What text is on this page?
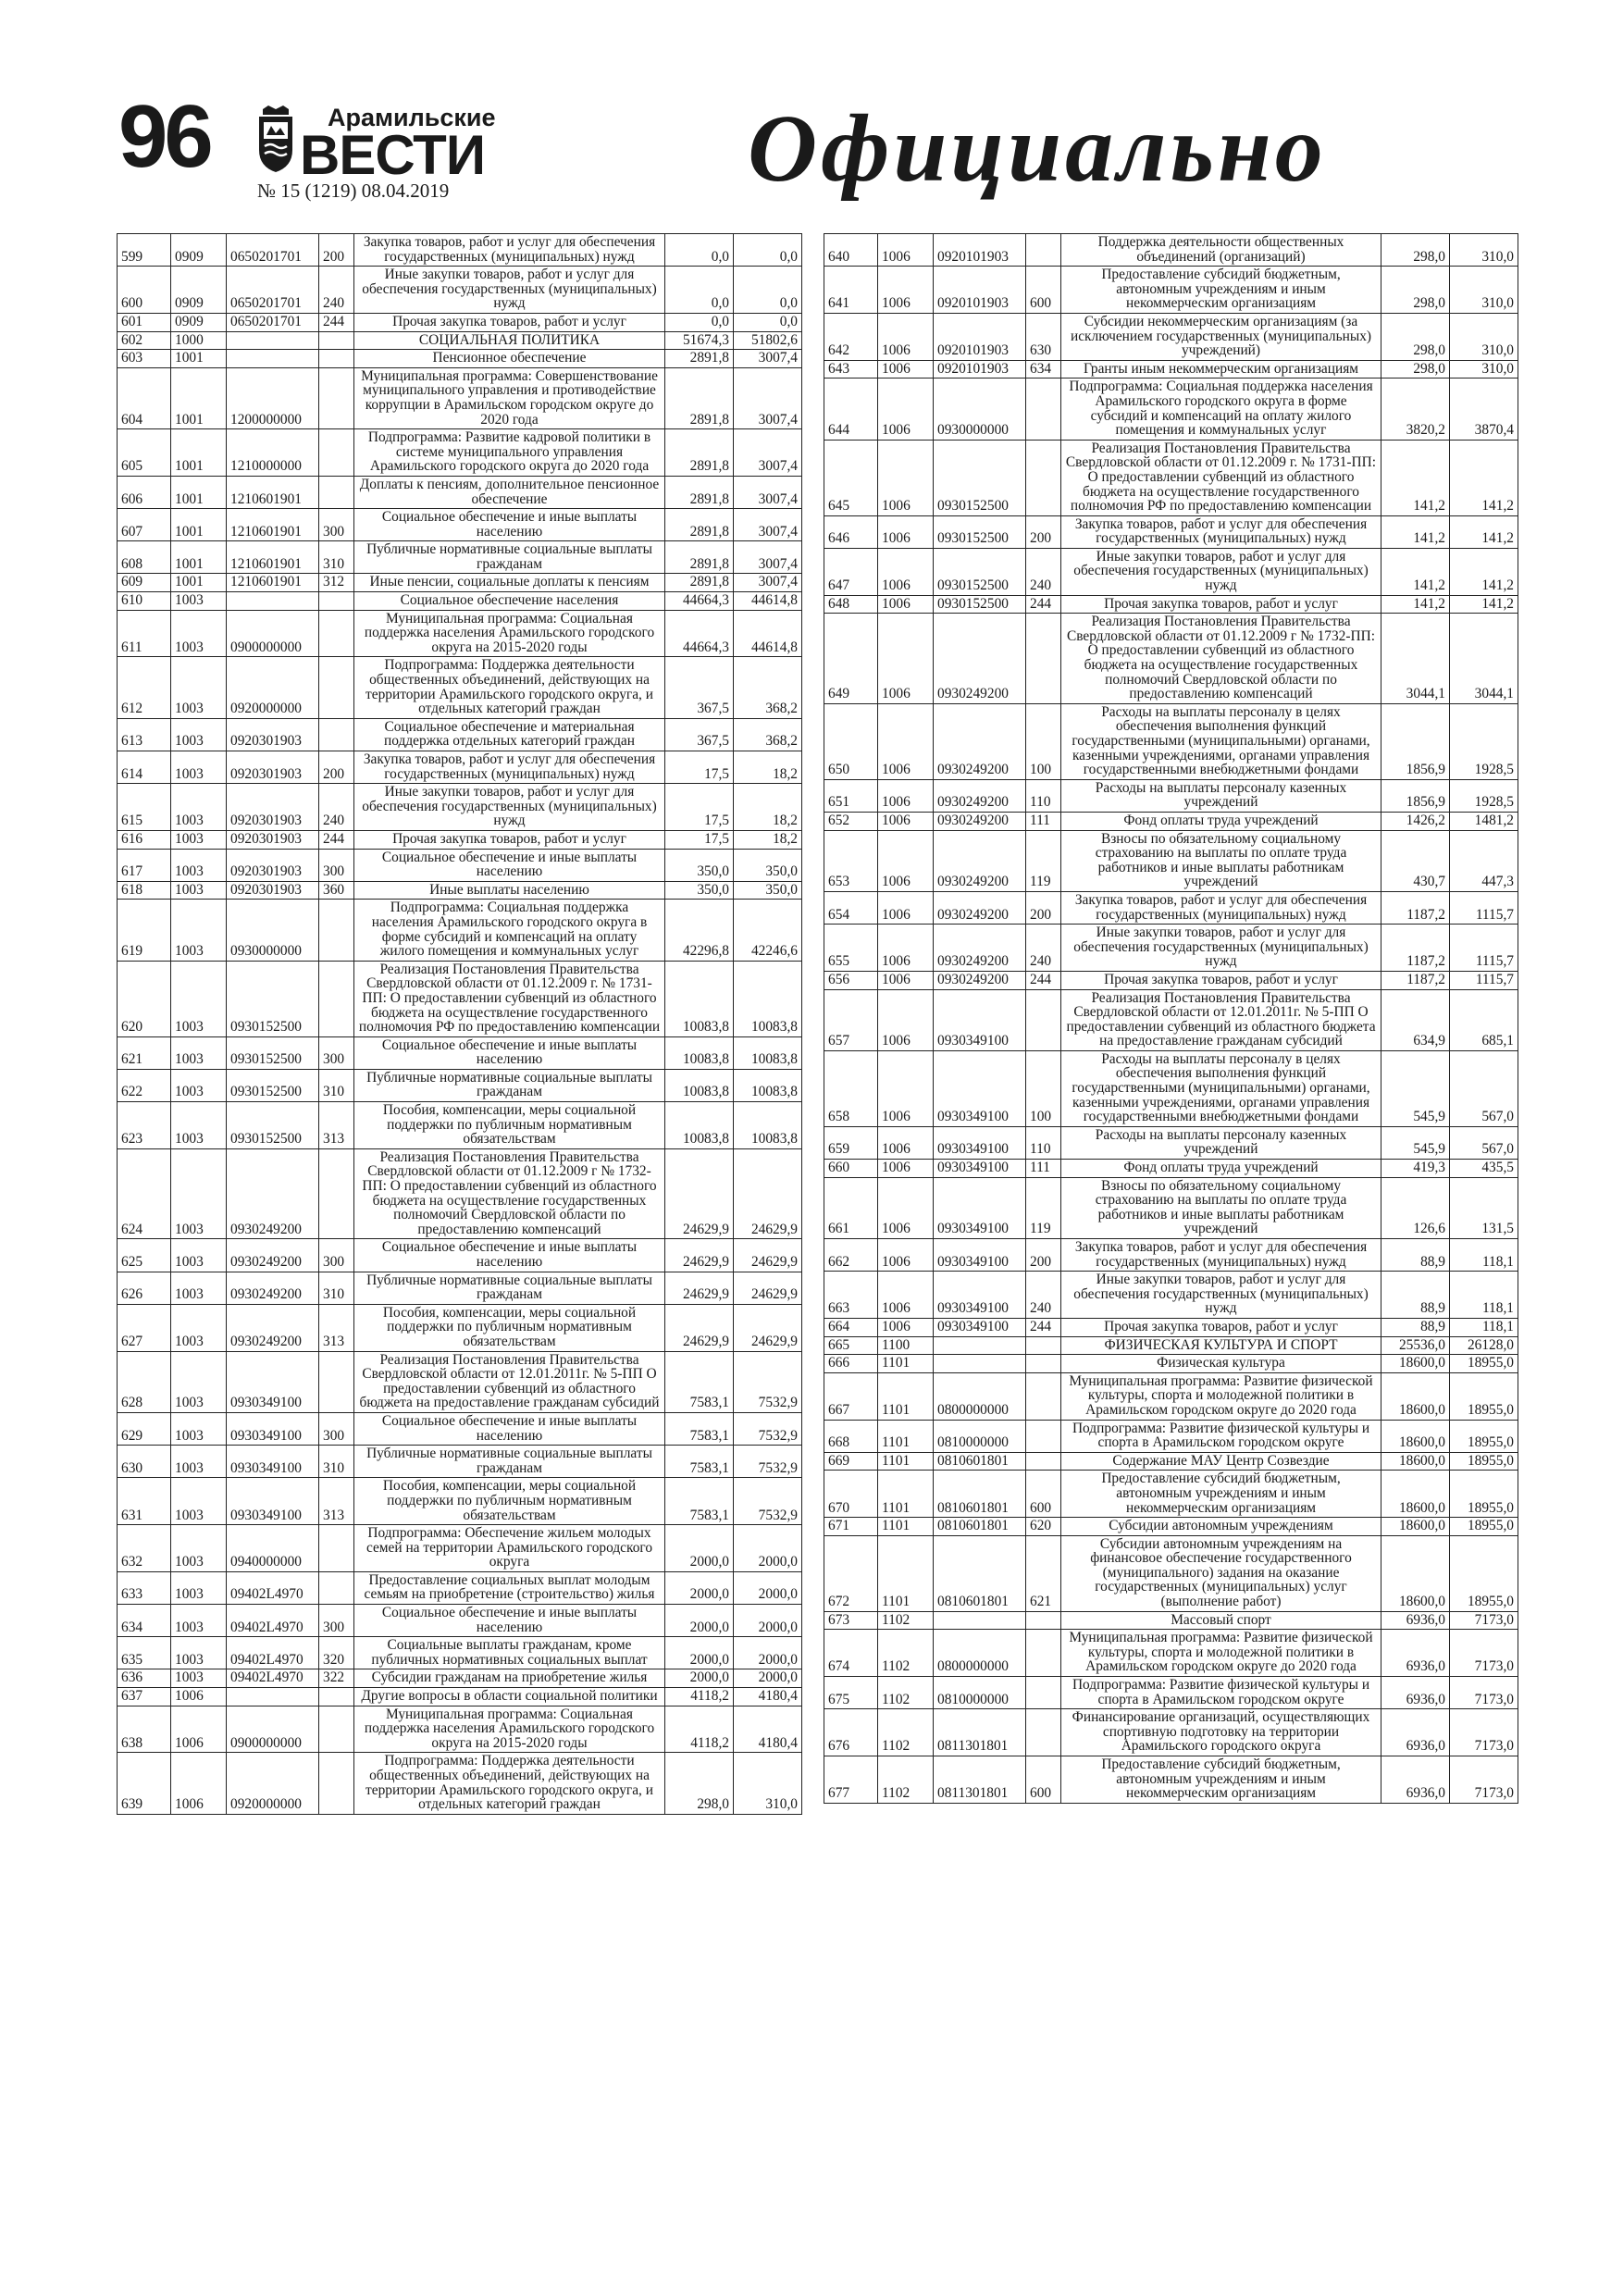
96	Арамильские
ВЕСТИ
№ 15 (1219) 08.04.2019	Официально
599	0909	0650201701	200	Закупка товаров, работ и услуг для обеспечения государственных (муниципальных) нужд	0,0	0,0
600	0909	0650201701	240	Иные закупки товаров, работ и услуг для обеспечения государственных (муниципальных) нужд	0,0	0,0
601	0909	0650201701	244	Прочая закупка товаров, работ и услуг	0,0	0,0
602	1000			СОЦИАЛЬНАЯ ПОЛИТИКА	51674,3	51802,6
603	1001			Пенсионное обеспечение	2891,8	3007,4
604	1001	1200000000		Муниципальная программа: Совершенствование муниципального управления и противодействие коррупции в Арамильском городском округе до 2020 года	2891,8	3007,4
605	1001	1210000000		Подпрограмма: Развитие кадровой политики в системе муниципального управления Арамильского городского округа до 2020 года	2891,8	3007,4
606	1001	1210601901		Доплаты к пенсиям, дополнительное пенсионное обеспечение	2891,8	3007,4
607	1001	1210601901	300	Социальное обеспечение и иные выплаты населению	2891,8	3007,4
608	1001	1210601901	310	Публичные нормативные социальные выплаты гражданам	2891,8	3007,4
609	1001	1210601901	312	Иные пенсии, социальные доплаты к пенсиям	2891,8	3007,4
610	1003			Социальное обеспечение населения	44664,3	44614,8
611	1003	0900000000		Муниципальная программа: Социальная поддержка населения Арамильского городского округа на 2015-2020 годы	44664,3	44614,8
612	1003	0920000000		Подпрограмма: Поддержка деятельности общественных объединений, действующих на территории Арамильского городского округа, и отдельных категорий граждан	367,5	368,2
613	1003	0920301903		Социальное обеспечение и материальная поддержка отдельных категорий граждан	367,5	368,2
614	1003	0920301903	200	Закупка товаров, работ и услуг для обеспечения государственных (муниципальных) нужд	17,5	18,2
615	1003	0920301903	240	Иные закупки товаров, работ и услуг для обеспечения государственных (муниципальных) нужд	17,5	18,2
616	1003	0920301903	244	Прочая закупка товаров, работ и услуг	17,5	18,2
617	1003	0920301903	300	Социальное обеспечение и иные выплаты населению	350,0	350,0
618	1003	0920301903	360	Иные выплаты населению	350,0	350,0
619	1003	0930000000		Подпрограмма: Социальная поддержка населения Арамильского городского округа в форме субсидий и компенсаций на оплату жилого помещения и коммунальных услуг	42296,8	42246,6
620	1003	0930152500		Реализация Постановления Правительства Свердловской области от 01.12.2009 г. № 1731-ПП: О предоставлении субвенций из областного бюджета на осуществление государственного полномочия РФ по предоставлению компенсации	10083,8	10083,8
621	1003	0930152500	300	Социальное обеспечение и иные выплаты населению	10083,8	10083,8
622	1003	0930152500	310	Публичные нормативные социальные выплаты гражданам	10083,8	10083,8
623	1003	0930152500	313	Пособия, компенсации, меры социальной поддержки по публичным нормативным обязательствам	10083,8	10083,8
624	1003	0930249200		Реализация Постановления Правительства Свердловской области от 01.12.2009 г № 1732-ПП: О предоставлении субвенций из областного бюджета на осуществление государственных полномочий Свердловской области по предоставлению компенсаций	24629,9	24629,9
625	1003	0930249200	300	Социальное обеспечение и иные выплаты населению	24629,9	24629,9
626	1003	0930249200	310	Публичные нормативные социальные выплаты гражданам	24629,9	24629,9
627	1003	0930249200	313	Пособия, компенсации, меры социальной поддержки по публичным нормативным обязательствам	24629,9	24629,9
628	1003	0930349100		Реализация Постановления Правительства Свердловской области от 12.01.2011г. № 5-ПП О предоставлении субвенций из областного бюджета на предоставление гражданам субсидий	7583,1	7532,9
629	1003	0930349100	300	Социальное обеспечение и иные выплаты населению	7583,1	7532,9
630	1003	0930349100	310	Публичные нормативные социальные выплаты гражданам	7583,1	7532,9
631	1003	0930349100	313	Пособия, компенсации, меры социальной поддержки по публичным нормативным обязательствам	7583,1	7532,9
632	1003	0940000000		Подпрограмма: Обеспечение жильем молодых семей на территории Арамильского городского округа	2000,0	2000,0
633	1003	09402L4970		Предоставление социальных выплат молодым семьям на приобретение (строительство) жилья	2000,0	2000,0
634	1003	09402L4970	300	Социальное обеспечение и иные выплаты населению	2000,0	2000,0
635	1003	09402L4970	320	Социальные выплаты гражданам, кроме публичных нормативных социальных выплат	2000,0	2000,0
636	1003	09402L4970	322	Субсидии гражданам на приобретение жилья	2000,0	2000,0
637	1006			Другие вопросы в области социальной политики	4118,2	4180,4
638	1006	0900000000		Муниципальная программа: Социальная поддержка населения Арамильского городского округа на 2015-2020 годы	4118,2	4180,4
639	1006	0920000000		Подпрограмма: Поддержка деятельности общественных объединений, действующих на территории Арамильского городского округа, и отдельных категорий граждан	298,0	310,0
640	1006	0920101903		Поддержка деятельности общественных объединений (организаций)	298,0	310,0
641	1006	0920101903	600	Предоставление субсидий бюджетным, автономным учреждениям и иным некоммерческим организациям	298,0	310,0
642	1006	0920101903	630	Субсидии некоммерческим организациям (за исключением государственных (муниципальных) учреждений)	298,0	310,0
643	1006	0920101903	634	Гранты иным некоммерческим организациям	298,0	310,0
644	1006	0930000000		Подпрограмма: Социальная поддержка населения Арамильского городского округа в форме субсидий и компенсаций на оплату жилого помещения и коммунальных услуг	3820,2	3870,4
645	1006	0930152500		Реализация Постановления Правительства Свердловской области от 01.12.2009 г. № 1731-ПП: О предоставлении субвенций из областного бюджета на осуществление государственного полномочия РФ по предоставлению компенсации	141,2	141,2
646	1006	0930152500	200	Закупка товаров, работ и услуг для обеспечения государственных (муниципальных) нужд	141,2	141,2
647	1006	0930152500	240	Иные закупки товаров, работ и услуг для обеспечения государственных (муниципальных) нужд	141,2	141,2
648	1006	0930152500	244	Прочая закупка товаров, работ и услуг	141,2	141,2
649	1006	0930249200		Реализация Постановления Правительства Свердловской области от 01.12.2009 г № 1732-ПП: О предоставлении субвенций из областного бюджета на осуществление государственных полномочий Свердловской области по предоставлению компенсаций	3044,1	3044,1
650	1006	0930249200	100	Расходы на выплаты персоналу в целях обеспечения выполнения функций государственными (муниципальными) органами, казенными учреждениями, органами управления государственными внебюджетными фондами	1856,9	1928,5
651	1006	0930249200	110	Расходы на выплаты персоналу казенных учреждений	1856,9	1928,5
652	1006	0930249200	111	Фонд оплаты труда учреждений	1426,2	1481,2
653	1006	0930249200	119	Взносы по обязательному социальному страхованию на выплаты по оплате труда работников и иные выплаты работникам учреждений	430,7	447,3
654	1006	0930249200	200	Закупка товаров, работ и услуг для обеспечения государственных (муниципальных) нужд	1187,2	1115,7
655	1006	0930249200	240	Иные закупки товаров, работ и услуг для обеспечения государственных (муниципальных) нужд	1187,2	1115,7
656	1006	0930249200	244	Прочая закупка товаров, работ и услуг	1187,2	1115,7
657	1006	0930349100		Реализация Постановления Правительства Свердловской области от 12.01.2011г. № 5-ПП О предоставлении субвенций из областного бюджета на предоставление гражданам субсидий	634,9	685,1
658	1006	0930349100	100	Расходы на выплаты персоналу в целях обеспечения выполнения функций государственными (муниципальными) органами, казенными учреждениями, органами управления государственными внебюджетными фондами	545,9	567,0
659	1006	0930349100	110	Расходы на выплаты персоналу казенных учреждений	545,9	567,0
660	1006	0930349100	111	Фонд оплаты труда учреждений	419,3	435,5
661	1006	0930349100	119	Взносы по обязательному социальному страхованию на выплаты по оплате труда работников и иные выплаты работникам учреждений	126,6	131,5
662	1006	0930349100	200	Закупка товаров, работ и услуг для обеспечения государственных (муниципальных) нужд	88,9	118,1
663	1006	0930349100	240	Иные закупки товаров, работ и услуг для обеспечения государственных (муниципальных) нужд	88,9	118,1
664	1006	0930349100	244	Прочая закупка товаров, работ и услуг	88,9	118,1
665	1100			ФИЗИЧЕСКАЯ КУЛЬТУРА И СПОРТ	25536,0	26128,0
666	1101			Физическая культура	18600,0	18955,0
667	1101	0800000000		Муниципальная программа: Развитие физической культуры, спорта и молодежной политики в Арамильском городском округе до 2020 года	18600,0	18955,0
668	1101	0810000000		Подпрограмма: Развитие физической культуры и спорта в Арамильском городском округе	18600,0	18955,0
669	1101	0810601801		Содержание МАУ Центр Созвездие	18600,0	18955,0
670	1101	0810601801	600	Предоставление субсидий бюджетным, автономным учреждениям и иным некоммерческим организациям	18600,0	18955,0
671	1101	0810601801	620	Субсидии автономным учреждениям	18600,0	18955,0
672	1101	0810601801	621	Субсидии автономным учреждениям на финансовое обеспечение государственного (муниципального) задания на оказание государственных (муниципальных) услуг (выполнение работ)	18600,0	18955,0
673	1102			Массовый спорт	6936,0	7173,0
674	1102	0800000000		Муниципальная программа: Развитие физической культуры, спорта и молодежной политики в Арамильском городском округе до 2020 года	6936,0	7173,0
675	1102	0810000000		Подпрограмма: Развитие физической культуры и спорта в Арамильском городском округе	6936,0	7173,0
676	1102	0811301801		Финансирование организаций, осуществляющих спортивную подготовку на территории Арамильского городского округа	6936,0	7173,0
677	1102	0811301801	600	Предоставление субсидий бюджетным, автономным учреждениям и иным некоммерческим организациям	6936,0	7173,0
